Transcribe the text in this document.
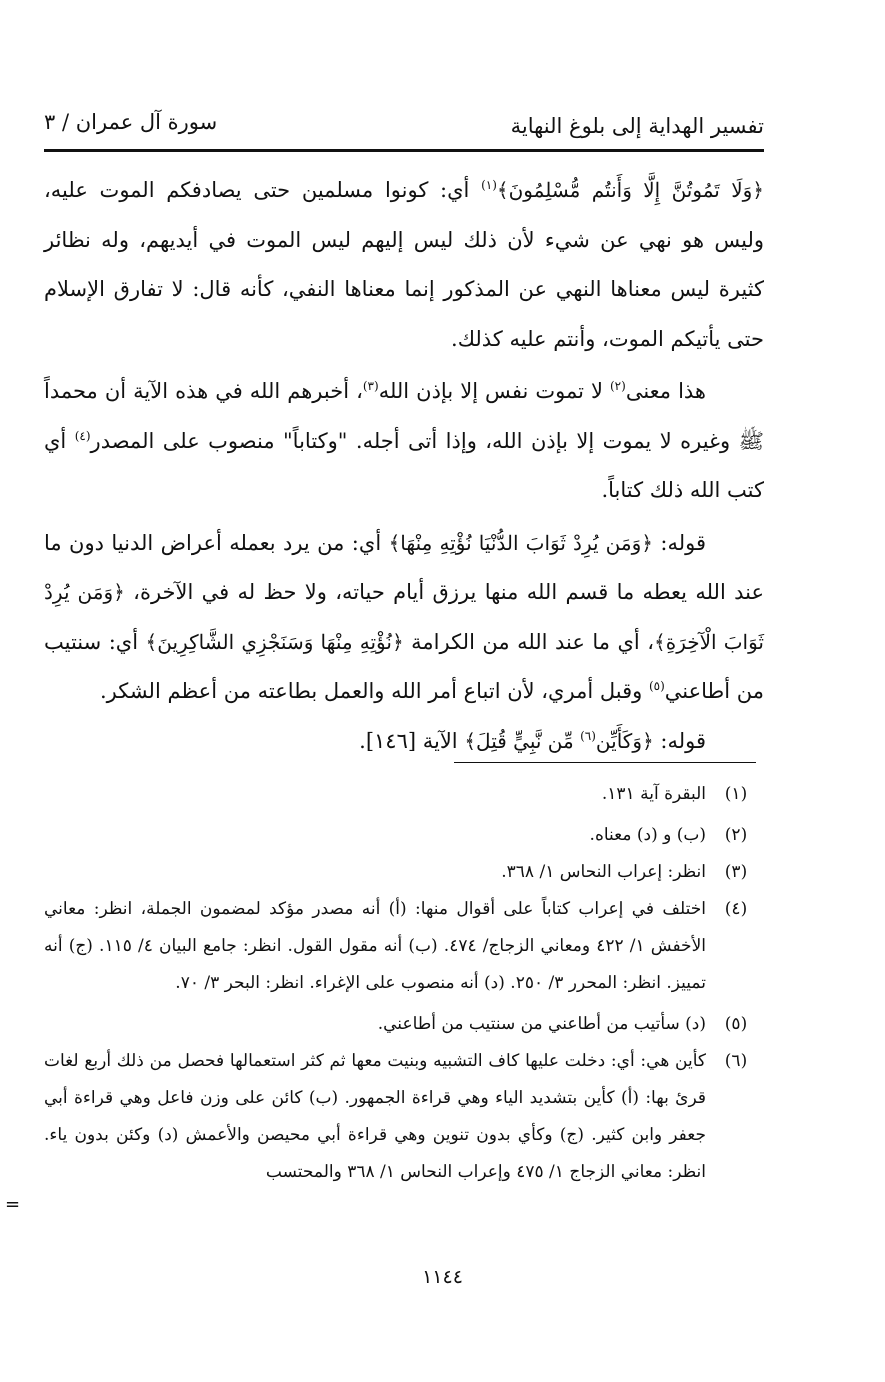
تفسير الهداية إلى بلوغ النهاية
سورة آل عمران / ٣

﴿وَلَا تَمُوتُنَّ إِلَّا وَأَنتُم مُّسْلِمُونَ﴾$^{(١)}$ أي: كونوا مسلمين حتى يصادفكم الموت عليه، وليس هو نهي عن شيء لأن ذلك ليس إليهم ليس الموت في أيديهم، وله نظائر كثيرة ليس معناها النهي عن المذكور إنما معناها النفي، كأنه قال: لا تفارق الإسلام حتى يأتيكم الموت، وأنتم عليه كذلك.

هذا معنى$^{(٢)}$ لا تموت نفس إلا بإذن الله$^{(٣)}$، أخبرهم الله في هذه الآية أن محمداً ﷺ وغيره لا يموت إلا بإذن الله، وإذا أتى أجله. "وكتاباً" منصوب على المصدر$^{(٤)}$ أي كتب الله ذلك كتاباً.

قوله: ﴿وَمَن يُرِدْ ثَوَابَ الدُّنْيَا نُؤْتِهِ مِنْهَا﴾ أي: من يرد بعمله أعراض الدنيا دون ما عند الله يعطه ما قسم الله منها يرزق أيام حياته، ولا حظ له في الآخرة، ﴿وَمَن يُرِدْ ثَوَابَ الْآخِرَةِ﴾، أي ما عند الله من الكرامة ﴿نُؤْتِهِ مِنْهَا وَسَنَجْزِي الشَّاكِرِينَ﴾ أي: سنتيب من أطاعني$^{(٥)}$ وقبل أمري، لأن اتباع أمر الله والعمل بطاعته من أعظم الشكر.

قوله: ﴿وَكَأَيِّن$^{(٦)}$ مِّن نَّبِيٍّ قُتِلَ﴾ الآية [١٤٦].

(١)
البقرة آية ١٣١.
(٢)
(ب) و (د) معناه.
(٣)
انظر: إعراب النحاس ١/ ٣٦٨.
(٤)
اختلف في إعراب كتاباً على أقوال منها: (أ) أنه مصدر مؤكد لمضمون الجملة، انظر: معاني الأخفش ١/ ٤٢٢ ومعاني الزجاج/ ٤٧٤. (ب) أنه مقول القول. انظر: جامع البيان ٤/ ١١٥. (ج) أنه تمييز. انظر: المحرر ٣/ ٢٥٠. (د) أنه منصوب على الإغراء. انظر: البحر ٣/ ٧٠.
(٥)
(د) سأتيب من أطاعني من سنتيب من أطاعني.
(٦)
كأين هي: أي: دخلت عليها كاف التشبيه وبنيت معها ثم كثر استعمالها فحصل من ذلك أربع لغات قرئ بها: (أ) كأين بتشديد الياء وهي قراءة الجمهور. (ب) كائن على وزن فاعل وهي قراءة أبي جعفر وابن كثير. (ج) وكأي بدون تنوين وهي قراءة أبي محيصن والأعمش (د) وكئن بدون ياء. انظر: معاني الزجاج ١/ ٤٧٥ وإعراب النحاس ١/ ٣٦٨ والمحتسب
=
١١٤٤
